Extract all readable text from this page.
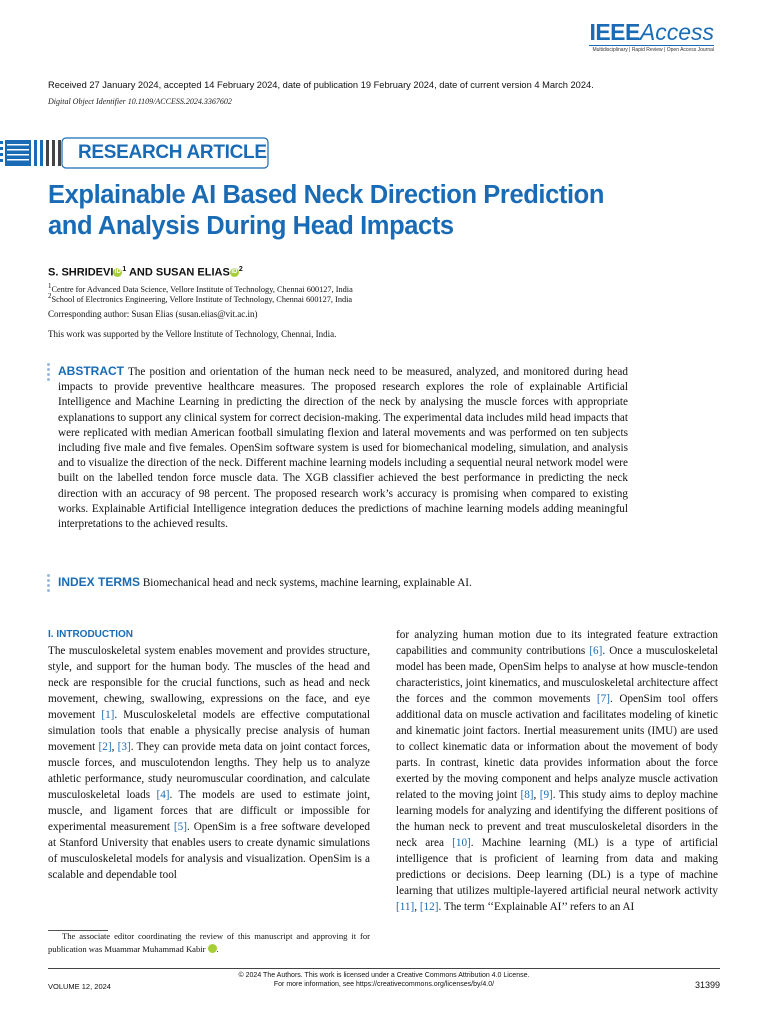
IEEEAccess
Multidisciplinary | Rapid Review | Open Access Journal
Received 27 January 2024, accepted 14 February 2024, date of publication 19 February 2024, date of current version 4 March 2024.
Digital Object Identifier 10.1109/ACCESS.2024.3367602
RESEARCH ARTICLE
Explainable AI Based Neck Direction Prediction
and Analysis During Head Impacts
S. SHRIDEVI iD $^1$ AND SUSAN ELIAS iD $^2$
$^1$Centre for Advanced Data Science, Vellore Institute of Technology, Chennai 600127, India
$^2$School of Electronics Engineering, Vellore Institute of Technology, Chennai 600127, India
Corresponding author: Susan Elias (susan.elias@vit.ac.in)
This work was supported by the Vellore Institute of Technology, Chennai, India.
ABSTRACT The position and orientation of the human neck need to be measured, analyzed, and monitored during head impacts to provide preventive healthcare measures. The proposed research explores the role of explainable Artificial Intelligence and Machine Learning in predicting the direction of the neck by analysing the muscle forces with appropriate explanations to support any clinical system for correct decision-making. The experimental data includes mild head impacts that were replicated with median American football simulating flexion and lateral movements and was performed on ten subjects including five male and five females. OpenSim software system is used for biomechanical modeling, simulation, and analysis and to visualize the direction of the neck. Different machine learning models including a sequential neural network model were built on the labelled tendon force muscle data. The XGB classifier achieved the best performance in predicting the neck direction with an accuracy of 98 percent. The proposed research work’s accuracy is promising when compared to existing works. Explainable Artificial Intelligence integration deduces the predictions of machine learning models adding meaningful interpretations to the achieved results.
INDEX TERMS Biomechanical head and neck systems, machine learning, explainable AI.
I. INTRODUCTION
The musculoskeletal system enables movement and provides structure, style, and support for the human body. The muscles of the head and neck are responsible for the crucial functions, such as head and neck movement, chewing, swallowing, expressions on the face, and eye movement [1]. Musculoskeletal models are effective computational simulation tools that enable a physically precise analysis of human movement [2], [3]. They can provide meta data on joint contact forces, muscle forces, and musculotendon lengths. They help us to analyze athletic performance, study neuromuscular coordination, and calculate musculoskeletal loads [4]. The models are used to estimate joint, muscle, and ligament forces that are difficult or impossible for experimental measurement [5]. OpenSim is a free software developed at Stanford University that enables users to create dynamic simulations of musculoskeletal models for analysis and visualization. OpenSim is a scalable and dependable tool
for analyzing human motion due to its integrated feature extraction capabilities and community contributions [6]. Once a musculoskeletal model has been made, OpenSim helps to analyse at how muscle-tendon characteristics, joint kinematics, and musculoskeletal architecture affect the forces and the common movements [7]. OpenSim tool offers additional data on muscle activation and facilitates modeling of kinetic and kinematic joint factors. Inertial measurement units (IMU) are used to collect kinematic data or information about the movement of body parts. In contrast, kinetic data provides information about the force exerted by the moving component and helps analyze muscle activation related to the moving joint [8], [9]. This study aims to deploy machine learning models for analyzing and identifying the different positions of the human neck to prevent and treat musculoskeletal disorders in the neck area [10]. Machine learning (ML) is a type of artificial intelligence that is proficient of learning from data and making predictions or decisions. Deep learning (DL) is a type of machine learning that utilizes multiple-layered artificial neural network activity [11], [12]. The term ‘‘Explainable AI’’ refers to an AI
The associate editor coordinating the review of this manuscript and approving it for publication was Muammar Muhammad Kabir	iD.
© 2024 The Authors. This work is licensed under a Creative Commons Attribution 4.0 License.
For more information, see https://creativecommons.org/licenses/by/4.0/
VOLUME 12, 2024	31399
